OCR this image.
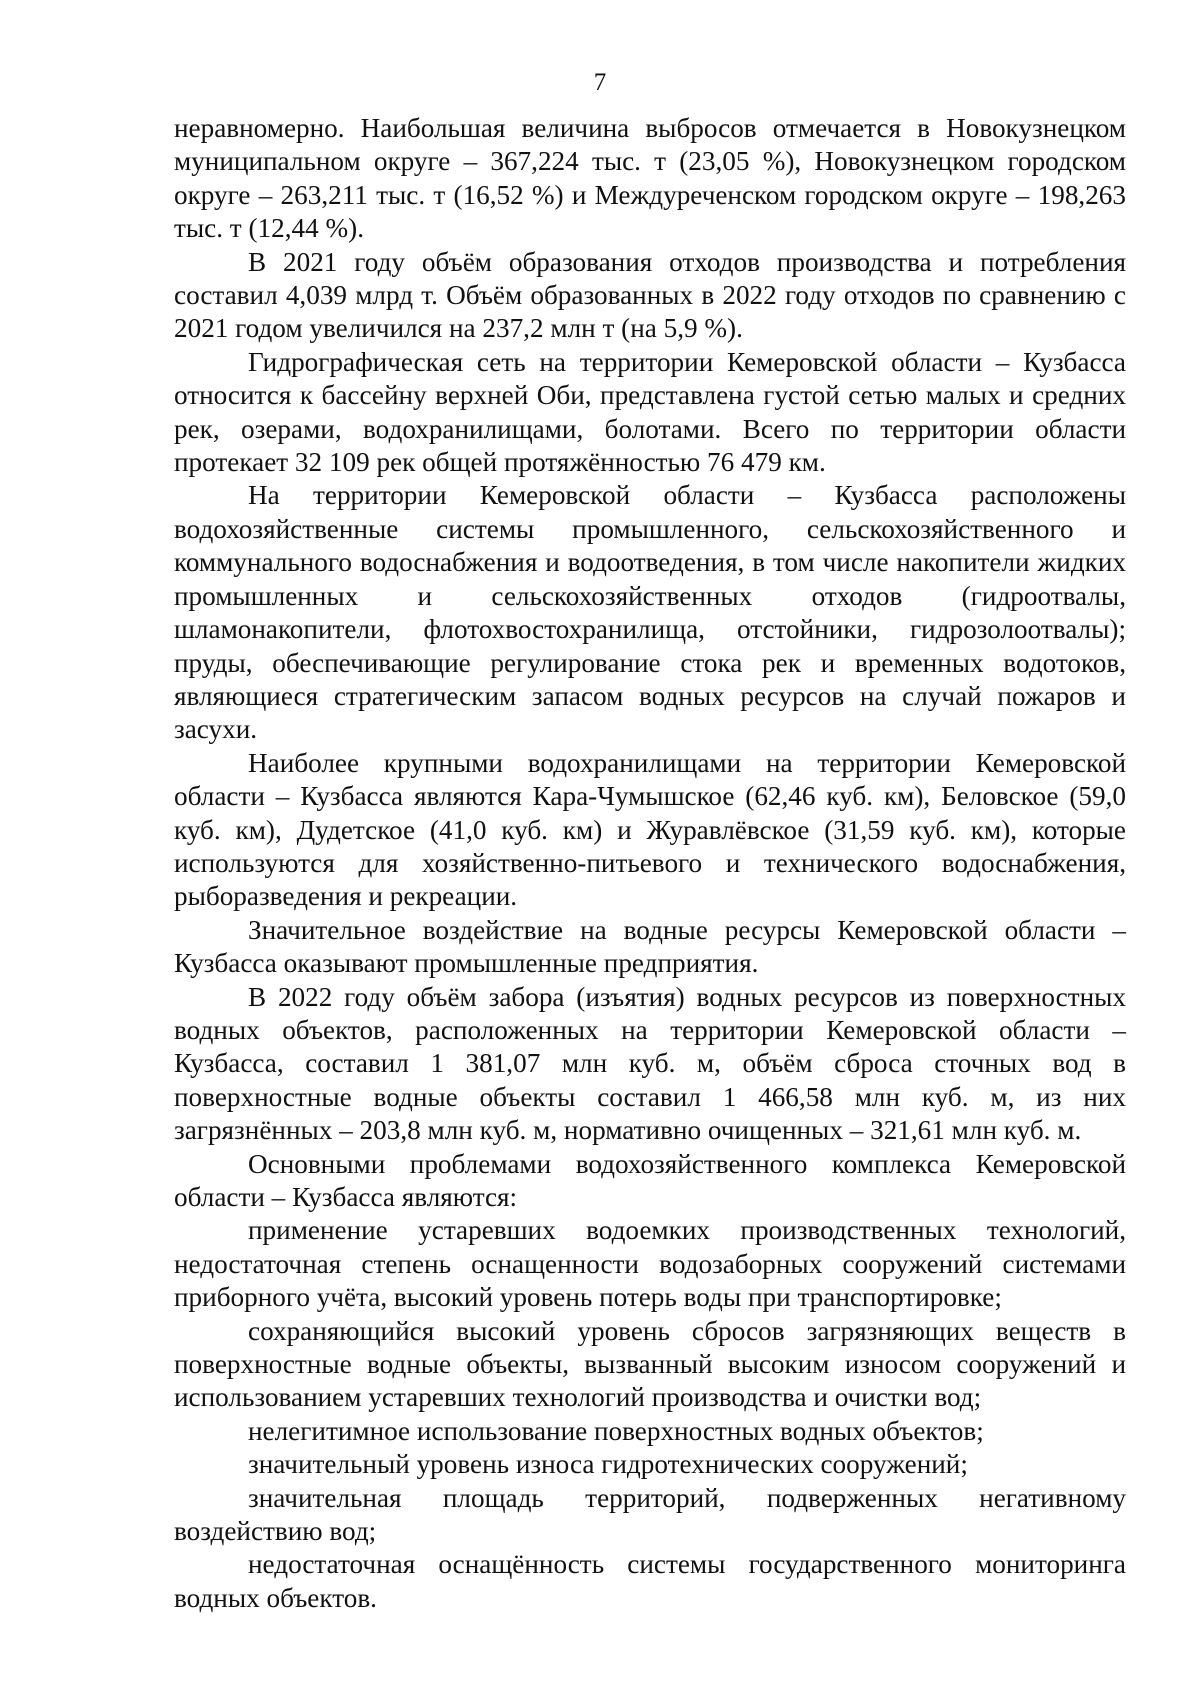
7

неравномерно. Наибольшая величина выбросов отмечается в Новокузнецком муниципальном округе – 367,224 тыс. т (23,05 %), Новокузнецком городском округе – 263,211 тыс. т (16,52 %) и Междуреченском городском округе – 198,263 тыс. т (12,44 %).

В 2021 году объём образования отходов производства и потребления составил 4,039 млрд т. Объём образованных в 2022 году отходов по сравнению с 2021 годом увеличился на 237,2 млн т (на 5,9 %).

Гидрографическая сеть на территории Кемеровской области – Кузбасса относится к бассейну верхней Оби, представлена густой сетью малых и средних рек, озерами, водохранилищами, болотами. Всего по территории области протекает 32 109 рек общей протяжённостью 76 479 км.

На территории Кемеровской области – Кузбасса расположены водохозяйственные системы промышленного, сельскохозяйственного и коммунального водоснабжения и водоотведения, в том числе накопители жидких промышленных и сельскохозяйственных отходов (гидроотвалы, шламонакопители, флотохвостохранилища, отстойники, гидрозолоотвалы); пруды, обеспечивающие регулирование стока рек и временных водотоков, являющиеся стратегическим запасом водных ресурсов на случай пожаров и засухи.

Наиболее крупными водохранилищами на территории Кемеровской области – Кузбасса являются Кара-Чумышское (62,46 куб. км), Беловское (59,0 куб. км), Дудетское (41,0 куб. км) и Журавлёвское (31,59 куб. км), которые используются для хозяйственно-питьевого и технического водоснабжения, рыборазведения и рекреации.

Значительное воздействие на водные ресурсы Кемеровской области – Кузбасса оказывают промышленные предприятия.

В 2022 году объём забора (изъятия) водных ресурсов из поверхностных водных объектов, расположенных на территории Кемеровской области – Кузбасса, составил 1 381,07 млн куб. м, объём сброса сточных вод в поверхностные водные объекты составил 1 466,58 млн куб. м, из них загрязнённых – 203,8 млн куб. м, нормативно очищенных – 321,61 млн куб. м.

Основными проблемами водохозяйственного комплекса Кемеровской области – Кузбасса являются:

применение устаревших водоемких производственных технологий, недостаточная степень оснащенности водозаборных сооружений системами приборного учёта, высокий уровень потерь воды при транспортировке;

сохраняющийся высокий уровень сбросов загрязняющих веществ в поверхностные водные объекты, вызванный высоким износом сооружений и использованием устаревших технологий производства и очистки вод;

нелегитимное использование поверхностных водных объектов;

значительный уровень износа гидротехнических сооружений;

значительная площадь территорий, подверженных негативному воздействию вод;

недостаточная оснащённость системы государственного мониторинга водных объектов.
